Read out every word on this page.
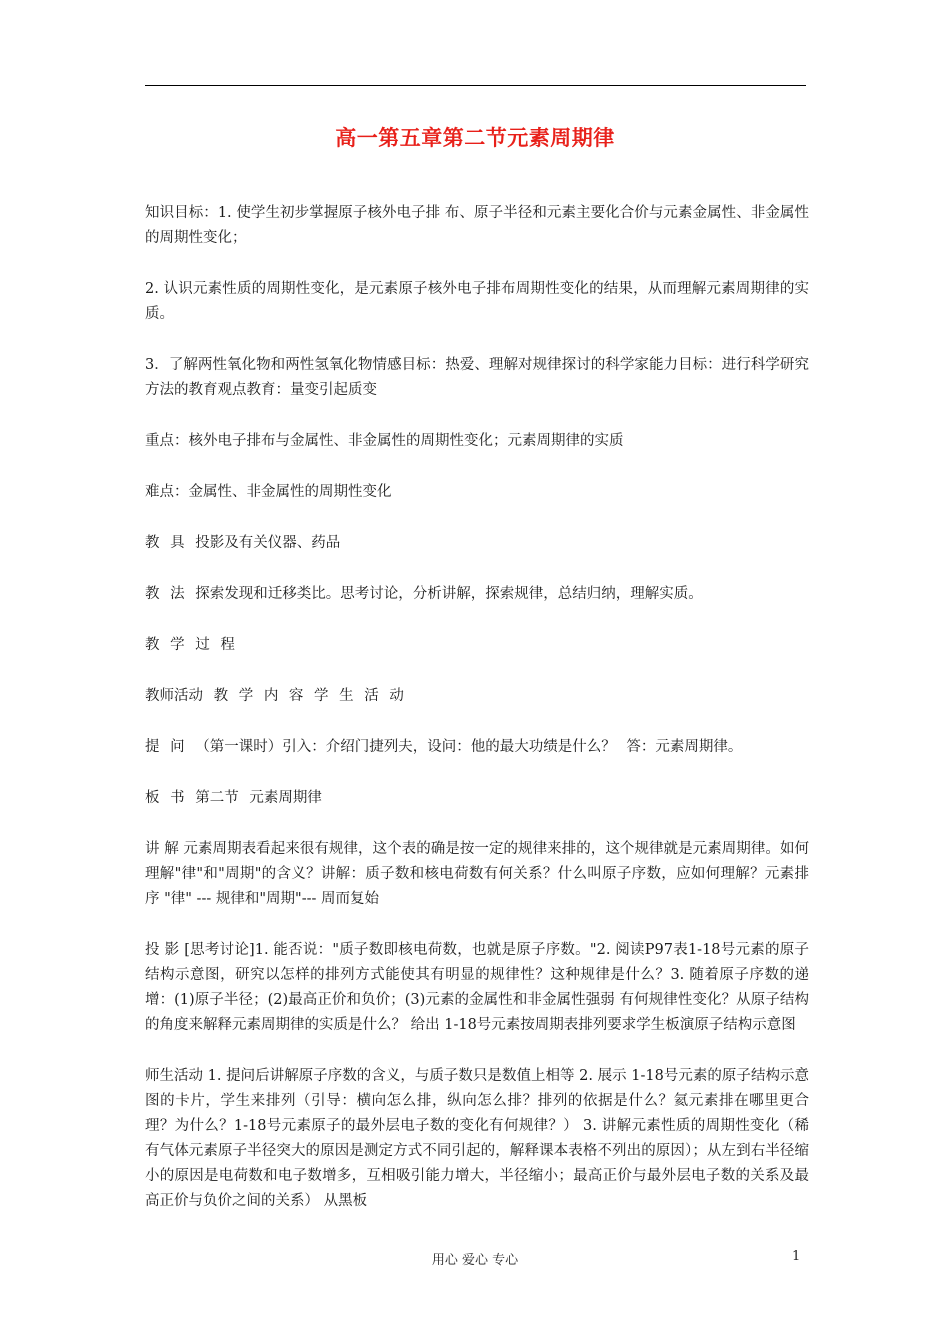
高一第五章第二节元素周期律

知识目标：1. 使学生初步掌握原子核外电子排 布、原子半径和元素主要化合价与元素金属性、非金属性的周期性变化；

2. 认识元素性质的周期性变化，是元素原子核外电子排布周期性变化的结果，从而理解元素周期律的实质。

3．了解两性氧化物和两性氢氧化物情感目标：热爱、理解对规律探讨的科学家能力目标：进行科学研究方法的教育观点教育：量变引起质变

重点：核外电子排布与金属性、非金属性的周期性变化；元素周期律的实质

难点：金属性、非金属性的周期性变化

教 具 投影及有关仪器、药品

教 法 探索发现和迁移类比。思考讨论，分析讲解，探索规律，总结归纳，理解实质。

教 学 过 程

教师活动 教 学 内 容 学 生 活 动

提 问 （第一课时）引入：介绍门捷列夫，设问：他的最大功绩是什么？ 答：元素周期律。

板 书 第二节 元素周期律

讲 解 元素周期表看起来很有规律，这个表的确是按一定的规律来排的，这个规律就是元素周期律。如何理解"律"和"周期"的含义？讲解：质子数和核电荷数有何关系？什么叫原子序数，应如何理解？元素排序 "律" --- 规律和"周期"--- 周而复始

投 影 [思考讨论]1. 能否说："质子数即核电荷数，也就是原子序数。"2. 阅读P97表1-18号元素的原子结构示意图，研究以怎样的排列方式能使其有明显的规律性？这种规律是什么？3. 随着原子序数的递增：(1)原子半径；(2)最高正价和负价；(3)元素的金属性和非金属性强弱 有何规律性变化？从原子结构的角度来解释元素周期律的实质是什么？ 给出 1-18号元素按周期表排列要求学生板演原子结构示意图

师生活动 1. 提问后讲解原子序数的含义，与质子数只是数值上相等 2. 展示 1-18号元素的原子结构示意图的卡片，学生来排列（引导：横向怎么排，纵向怎么排？排列的依据是什么？氦元素排在哪里更合理？为什么？1-18号元素原子的最外层电子数的变化有何规律？） 3. 讲解元素性质的周期性变化（稀有气体元素原子半径突大的原因是测定方式不同引起的，解释课本表格不列出的原因）；从左到右半径缩小的原因是电荷数和电子数增多，互相吸引能力增大，半径缩小；最高正价与最外层电子数的关系及最高正价与负价之间的关系） 从黑板

用心 爱心 专心	1
